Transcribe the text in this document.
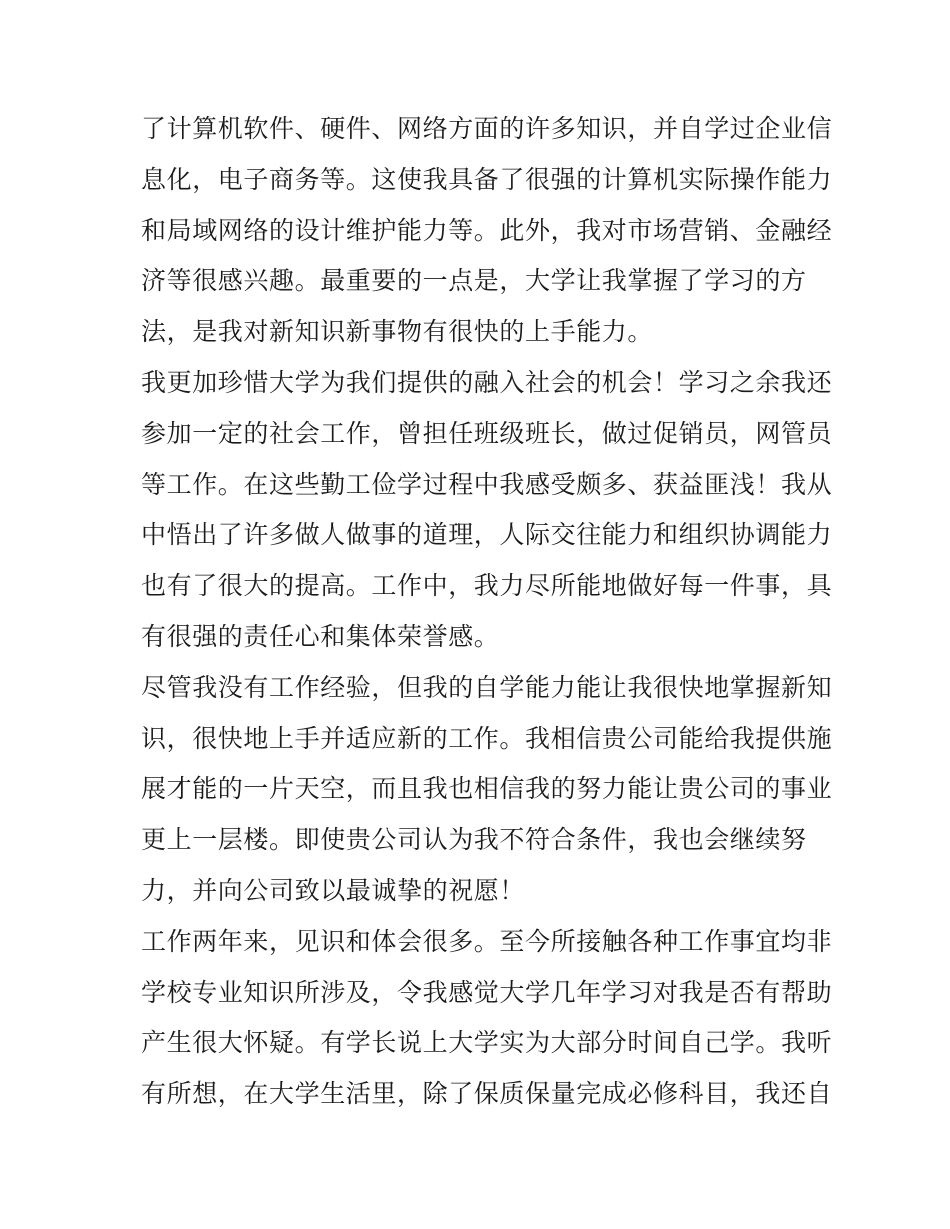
了计算机软件、硬件、网络方面的许多知识，并自学过企业信
息化，电子商务等。这使我具备了很强的计算机实际操作能力
和局域网络的设计维护能力等。此外，我对市场营销、金融经
济等很感兴趣。最重要的一点是，大学让我掌握了学习的方
法，是我对新知识新事物有很快的上手能力。
我更加珍惜大学为我们提供的融入社会的机会！学习之余我还
参加一定的社会工作，曾担任班级班长，做过促销员，网管员
等工作。在这些勤工俭学过程中我感受颇多、获益匪浅！我从
中悟出了许多做人做事的道理，人际交往能力和组织协调能力
也有了很大的提高。工作中，我力尽所能地做好每一件事，具
有很强的责任心和集体荣誉感。
尽管我没有工作经验，但我的自学能力能让我很快地掌握新知
识，很快地上手并适应新的工作。我相信贵公司能给我提供施
展才能的一片天空，而且我也相信我的努力能让贵公司的事业
更上一层楼。即使贵公司认为我不符合条件，我也会继续努
力，并向公司致以最诚挚的祝愿！
工作两年来，见识和体会很多。至今所接触各种工作事宜均非
学校专业知识所涉及，令我感觉大学几年学习对我是否有帮助
产生很大怀疑。有学长说上大学实为大部分时间自己学。我听
有所想，在大学生活里，除了保质保量完成必修科目，我还自
